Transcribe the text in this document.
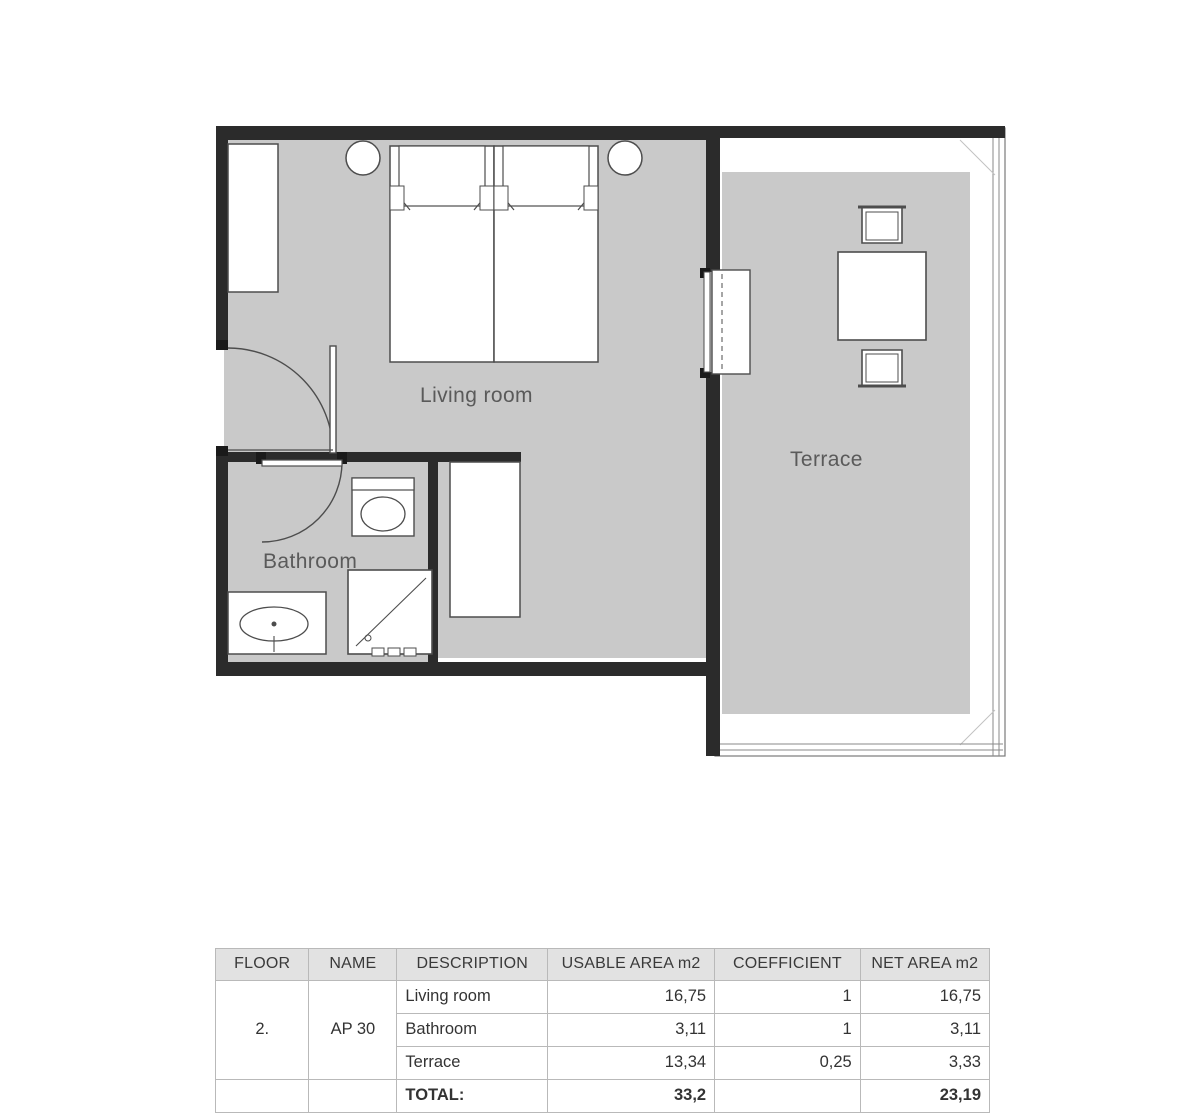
Living room
Bathroom
Terrace
FLOOR	NAME	DESCRIPTION	USABLE AREA m2	COEFFICIENT	NET AREA m2
		Living room	16,75	1	16,75
2.	AP 30	Bathroom	3,11	1	3,11
		Terrace	13,34	0,25	3,33
		TOTAL:	33,2		23,19
